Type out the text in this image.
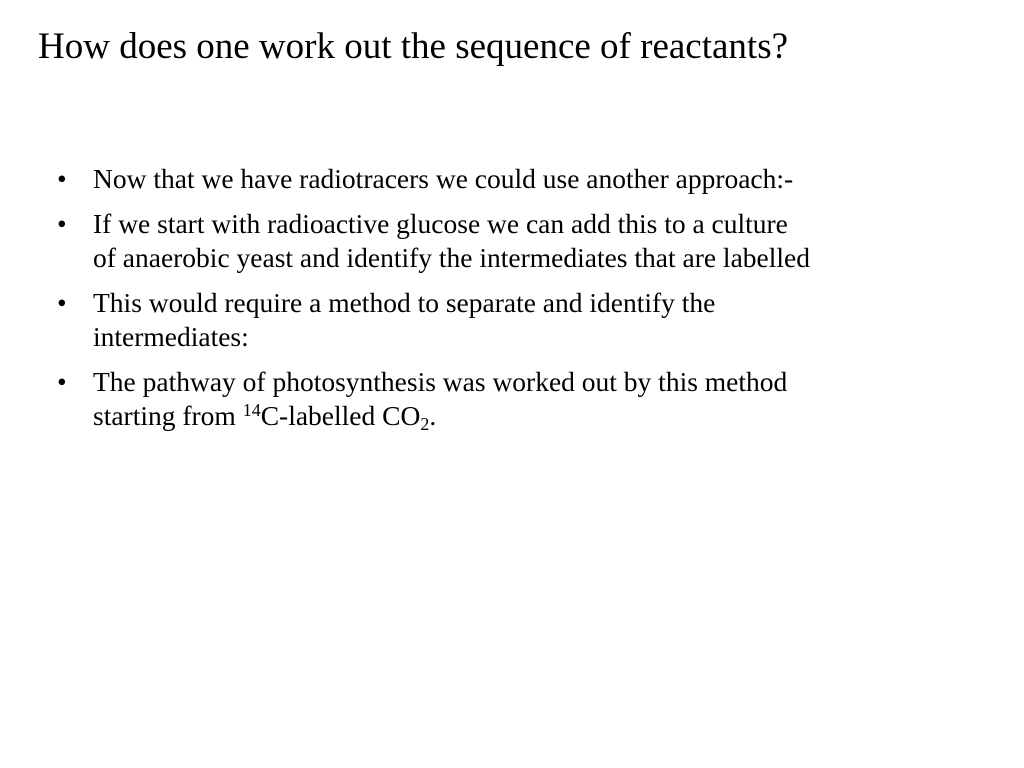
How does one work out the sequence of reactants?
• Now that we have radiotracers we could use another approach:-
• If we start with radioactive glucose we can add this to a culture
of anaerobic yeast and identify the intermediates that are labelled
• This would require a method to separate and identify the
intermediates:
• The pathway of photosynthesis was worked out by this method
starting from $^{14}$C-labelled $CO_2$.
